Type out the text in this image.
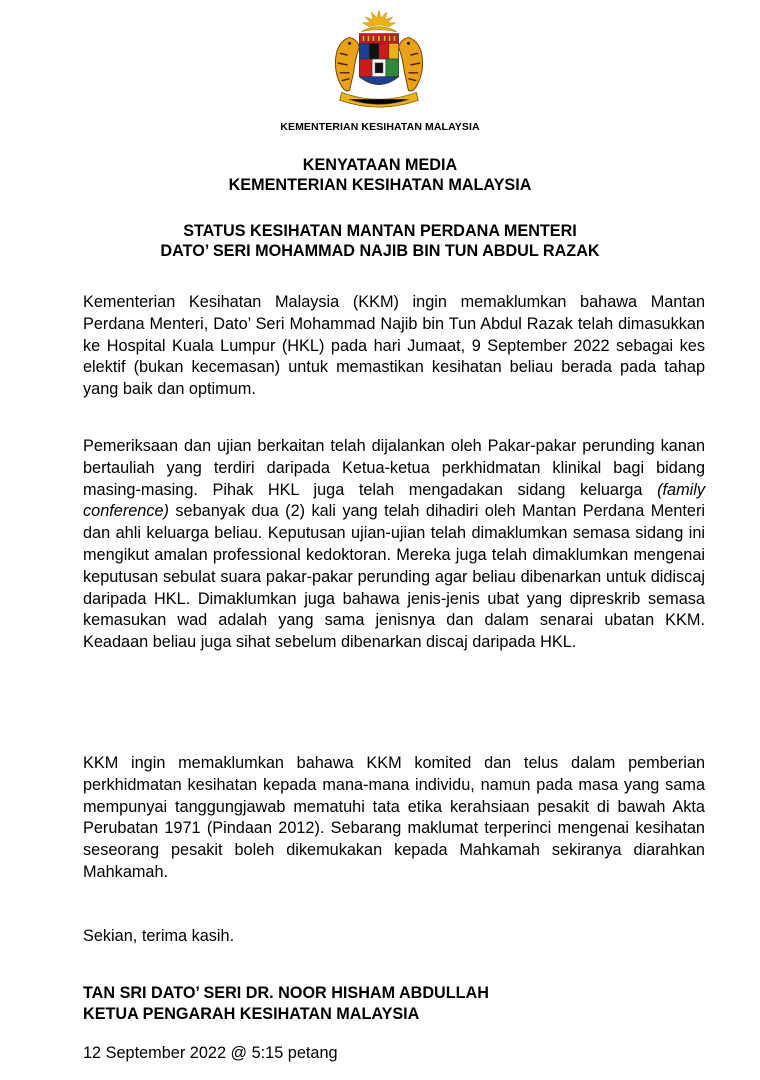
KEMENTERIAN KESIHATAN MALAYSIA
KENYATAAN MEDIA
KEMENTERIAN KESIHATAN MALAYSIA
STATUS KESIHATAN MANTAN PERDANA MENTERI
DATO’ SERI MOHAMMAD NAJIB BIN TUN ABDUL RAZAK

Kementerian Kesihatan Malaysia (KKM) ingin memaklumkan bahawa Mantan Perdana Menteri, Dato’ Seri Mohammad Najib bin Tun Abdul Razak telah dimasukkan ke Hospital Kuala Lumpur (HKL) pada hari Jumaat, 9 September 2022 sebagai kes elektif (bukan kecemasan) untuk memastikan kesihatan beliau berada pada tahap yang baik dan optimum.

Pemeriksaan dan ujian berkaitan telah dijalankan oleh Pakar-pakar perunding kanan bertauliah yang terdiri daripada Ketua-ketua perkhidmatan klinikal bagi bidang masing-masing. Pihak HKL juga telah mengadakan sidang keluarga (family conference) sebanyak dua (2) kali yang telah dihadiri oleh Mantan Perdana Menteri dan ahli keluarga beliau. Keputusan ujian-ujian telah dimaklumkan semasa sidang ini mengikut amalan professional kedoktoran. Mereka juga telah dimaklumkan mengenai keputusan sebulat suara pakar-pakar perunding agar beliau dibenarkan untuk didiscaj daripada HKL. Dimaklumkan juga bahawa jenis-jenis ubat yang dipreskrib semasa kemasukan wad adalah yang sama jenisnya dan dalam senarai ubatan KKM. Keadaan beliau juga sihat sebelum dibenarkan discaj daripada HKL.

KKM ingin memaklumkan bahawa KKM komited dan telus dalam pemberian perkhidmatan kesihatan kepada mana-mana individu, namun pada masa yang sama mempunyai tanggungjawab mematuhi tata etika kerahsiaan pesakit di bawah Akta Perubatan 1971 (Pindaan 2012). Sebarang maklumat terperinci mengenai kesihatan seseorang pesakit boleh dikemukakan kepada Mahkamah sekiranya diarahkan Mahkamah.

Sekian, terima kasih.

TAN SRI DATO’ SERI DR. NOOR HISHAM ABDULLAH
KETUA PENGARAH KESIHATAN MALAYSIA
12 September 2022 @ 5:15 petang
